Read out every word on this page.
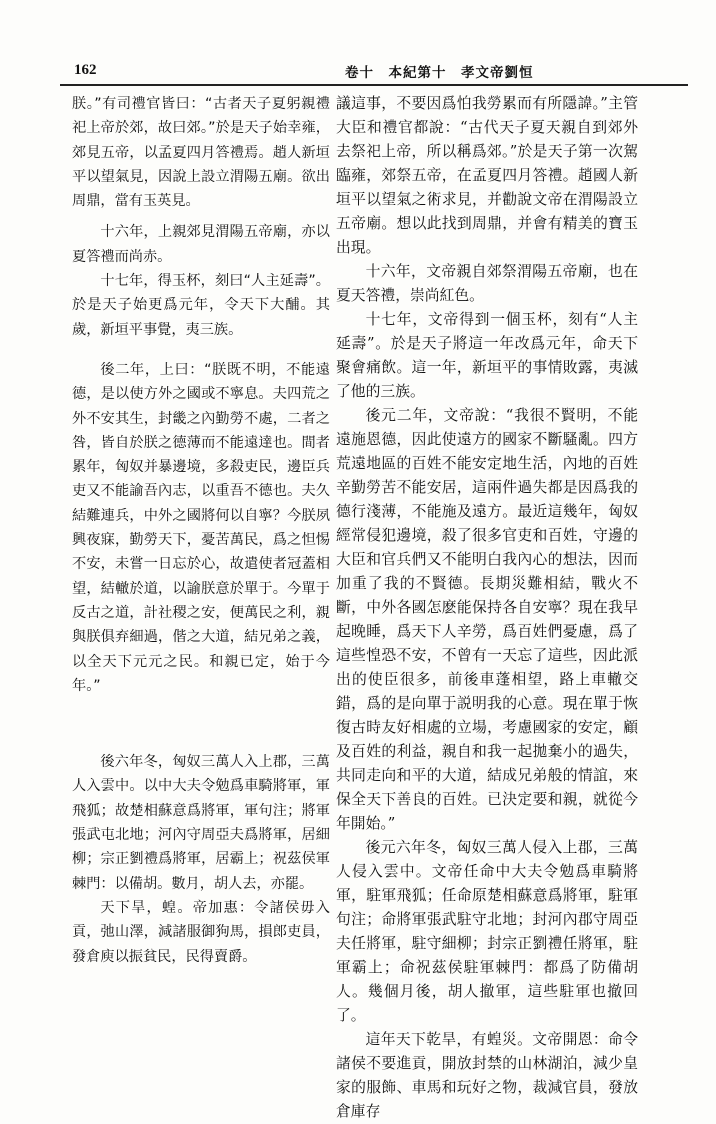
162	卷十　本紀第十　孝文帝劉恒

朕。”有司禮官皆曰：“古者天子夏躬親禮祀上帝於郊，故曰郊。”於是天子始幸雍，郊見五帝，以孟夏四月答禮焉。趙人新垣平以望氣見，因說上設立渭陽五廟。欲出周鼎，當有玉英見。

十六年，上親郊見渭陽五帝廟，亦以夏答禮而尚赤。

十七年，得玉杯，刻曰“人主延壽”。於是天子始更爲元年，令天下大酺。其歲，新垣平事覺，夷三族。

後二年，上曰：“朕既不明，不能遠德，是以使方外之國或不寧息。夫四荒之外不安其生，封畿之內勤勞不處，二者之咎，皆自於朕之德薄而不能遠達也。間者累年，匈奴并暴邊境，多殺吏民，邊臣兵吏又不能諭吾內志，以重吾不德也。夫久結難連兵，中外之國將何以自寧？今朕夙興夜寐，勤勞天下，憂苦萬民，爲之怛惕不安，未嘗一日忘於心，故遣使者冠蓋相望，結轍於道，以諭朕意於單于。今單于反古之道，計社稷之安，便萬民之利，親與朕俱弃細過，偕之大道，結兄弟之義，以全天下元元之民。和親已定，始于今年。”

後六年冬，匈奴三萬人入上郡，三萬人入雲中。以中大夫令勉爲車騎將軍，軍飛狐；故楚相蘇意爲將軍，軍句注；將軍張武屯北地；河內守周亞夫爲將軍，居細柳；宗正劉禮爲將軍，居霸上；祝茲侯軍棘門：以備胡。數月，胡人去，亦罷。

天下旱，蝗。帝加惠：令諸侯毋入貢，弛山澤，減諸服御狗馬，損郎吏員，發倉庾以振貧民，民得賣爵。

議這事，不要因爲怕我勞累而有所隱諱。”主管大臣和禮官都說：“古代天子夏天親自到郊外去祭祀上帝，所以稱爲郊。”於是天子第一次駕臨雍，郊祭五帝，在孟夏四月答禮。趙國人新垣平以望氣之術求見，并勸說文帝在渭陽設立五帝廟。想以此找到周鼎，并會有精美的寶玉出現。

十六年，文帝親自郊祭渭陽五帝廟，也在夏天答禮，崇尚紅色。

十七年，文帝得到一個玉杯，刻有“人主延壽”。於是天子將這一年改爲元年，命天下聚會痛飲。這一年，新垣平的事情敗露，夷滅了他的三族。

後元二年，文帝說：“我很不賢明，不能遠施恩德，因此使遠方的國家不斷騷亂。四方荒遠地區的百姓不能安定地生活，內地的百姓辛勤勞苦不能安居，這兩件過失都是因爲我的德行淺薄，不能施及遠方。最近這幾年，匈奴經常侵犯邊境，殺了很多官吏和百姓，守邊的大臣和官兵們又不能明白我內心的想法，因而加重了我的不賢德。長期災難相結，戰火不斷，中外各國怎麽能保持各自安寧？現在我早起晚睡，爲天下人辛勞，爲百姓們憂慮，爲了這些惶恐不安，不曾有一天忘了這些，因此派出的使臣很多，前後車蓬相望，路上車轍交錯，爲的是向單于説明我的心意。現在單于恢復古時友好相處的立場，考慮國家的安定，顧及百姓的利益，親自和我一起拋棄小的過失，共同走向和平的大道，結成兄弟般的情誼，來保全天下善良的百姓。已決定要和親，就從今年開始。”

後元六年冬，匈奴三萬人侵入上郡，三萬人侵入雲中。文帝任命中大夫令勉爲車騎將軍，駐軍飛狐；任命原楚相蘇意爲將軍，駐軍句注；命將軍張武駐守北地；封河內郡守周亞夫任將軍，駐守細柳；封宗正劉禮任將軍，駐軍霸上；命祝茲侯駐軍棘門：都爲了防備胡人。幾個月後，胡人撤軍，這些駐軍也撤回了。

這年天下乾旱，有蝗災。文帝開恩：命令諸侯不要進貢，開放封禁的山林湖泊，減少皇家的服飾、車馬和玩好之物，裁減官員，發放倉庫存
